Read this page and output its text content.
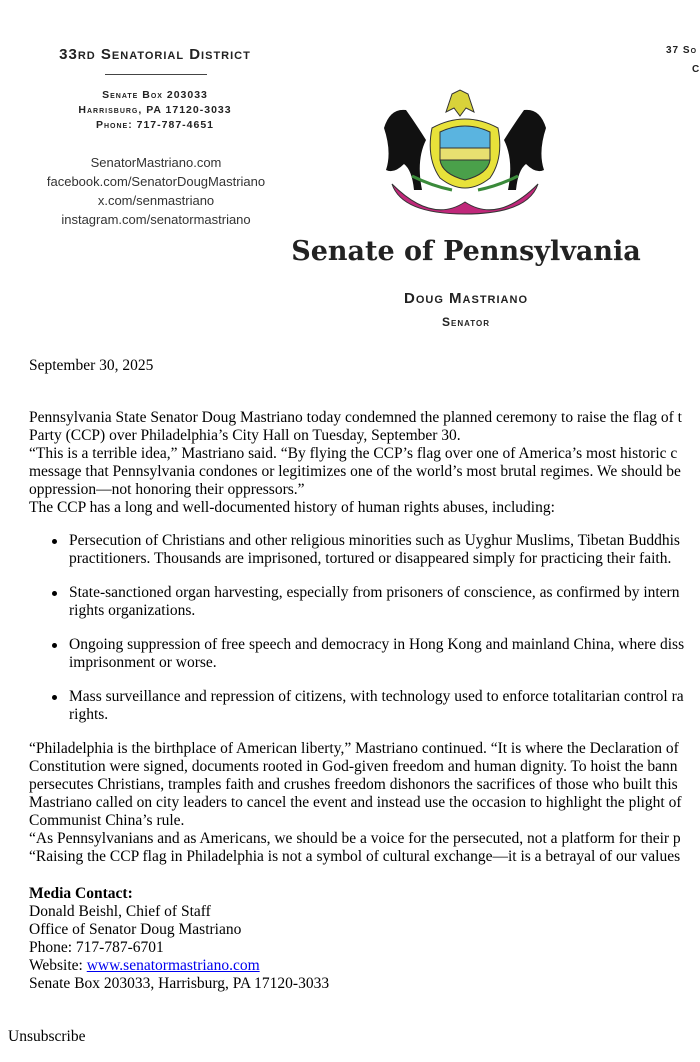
33rd Senatorial District
Senate Box 203033
Harrisburg, PA 17120-3033
Phone: 717-787-4651
SenatorMastriano.com
facebook.com/SenatorDougMastriano
x.com/senmastriano
instagram.com/senatormastriano
37 So
C
Senate of Pennsylvania
Doug Mastriano
Senator
September 30, 2025
Pennsylvania State Senator Doug Mastriano today condemned the planned ceremony to raise the flag of t
Party (CCP) over Philadelphia’s City Hall on Tuesday, September 30.
“This is a terrible idea,” Mastriano said. “By flying the CCP’s flag over one of America’s most historic c
message that Pennsylvania condones or legitimizes one of the world’s most brutal regimes. We should be
oppression—not honoring their oppressors.”
The CCP has a long and well-documented history of human rights abuses, including:
Persecution of Christians and other religious minorities such as Uyghur Muslims, Tibetan Buddhis
practitioners. Thousands are imprisoned, tortured or disappeared simply for practicing their faith.
State-sanctioned organ harvesting, especially from prisoners of conscience, as confirmed by intern
rights organizations.
Ongoing suppression of free speech and democracy in Hong Kong and mainland China, where diss
imprisonment or worse.
Mass surveillance and repression of citizens, with technology used to enforce totalitarian control ra
rights.
“Philadelphia is the birthplace of American liberty,” Mastriano continued. “It is where the Declaration of
Constitution were signed, documents rooted in God-given freedom and human dignity. To hoist the bann
persecutes Christians, tramples faith and crushes freedom dishonors the sacrifices of those who built this
Mastriano called on city leaders to cancel the event and instead use the occasion to highlight the plight of
Communist China’s rule.
“As Pennsylvanians and as Americans, we should be a voice for the persecuted, not a platform for their p
“Raising the CCP flag in Philadelphia is not a symbol of cultural exchange—it is a betrayal of our values
Media Contact:
Donald Beishl, Chief of Staff
Office of Senator Doug Mastriano
Phone: 717-787-6701
Website: www.senatormastriano.com
Senate Box 203033, Harrisburg, PA 17120-3033
Unsubscribe
